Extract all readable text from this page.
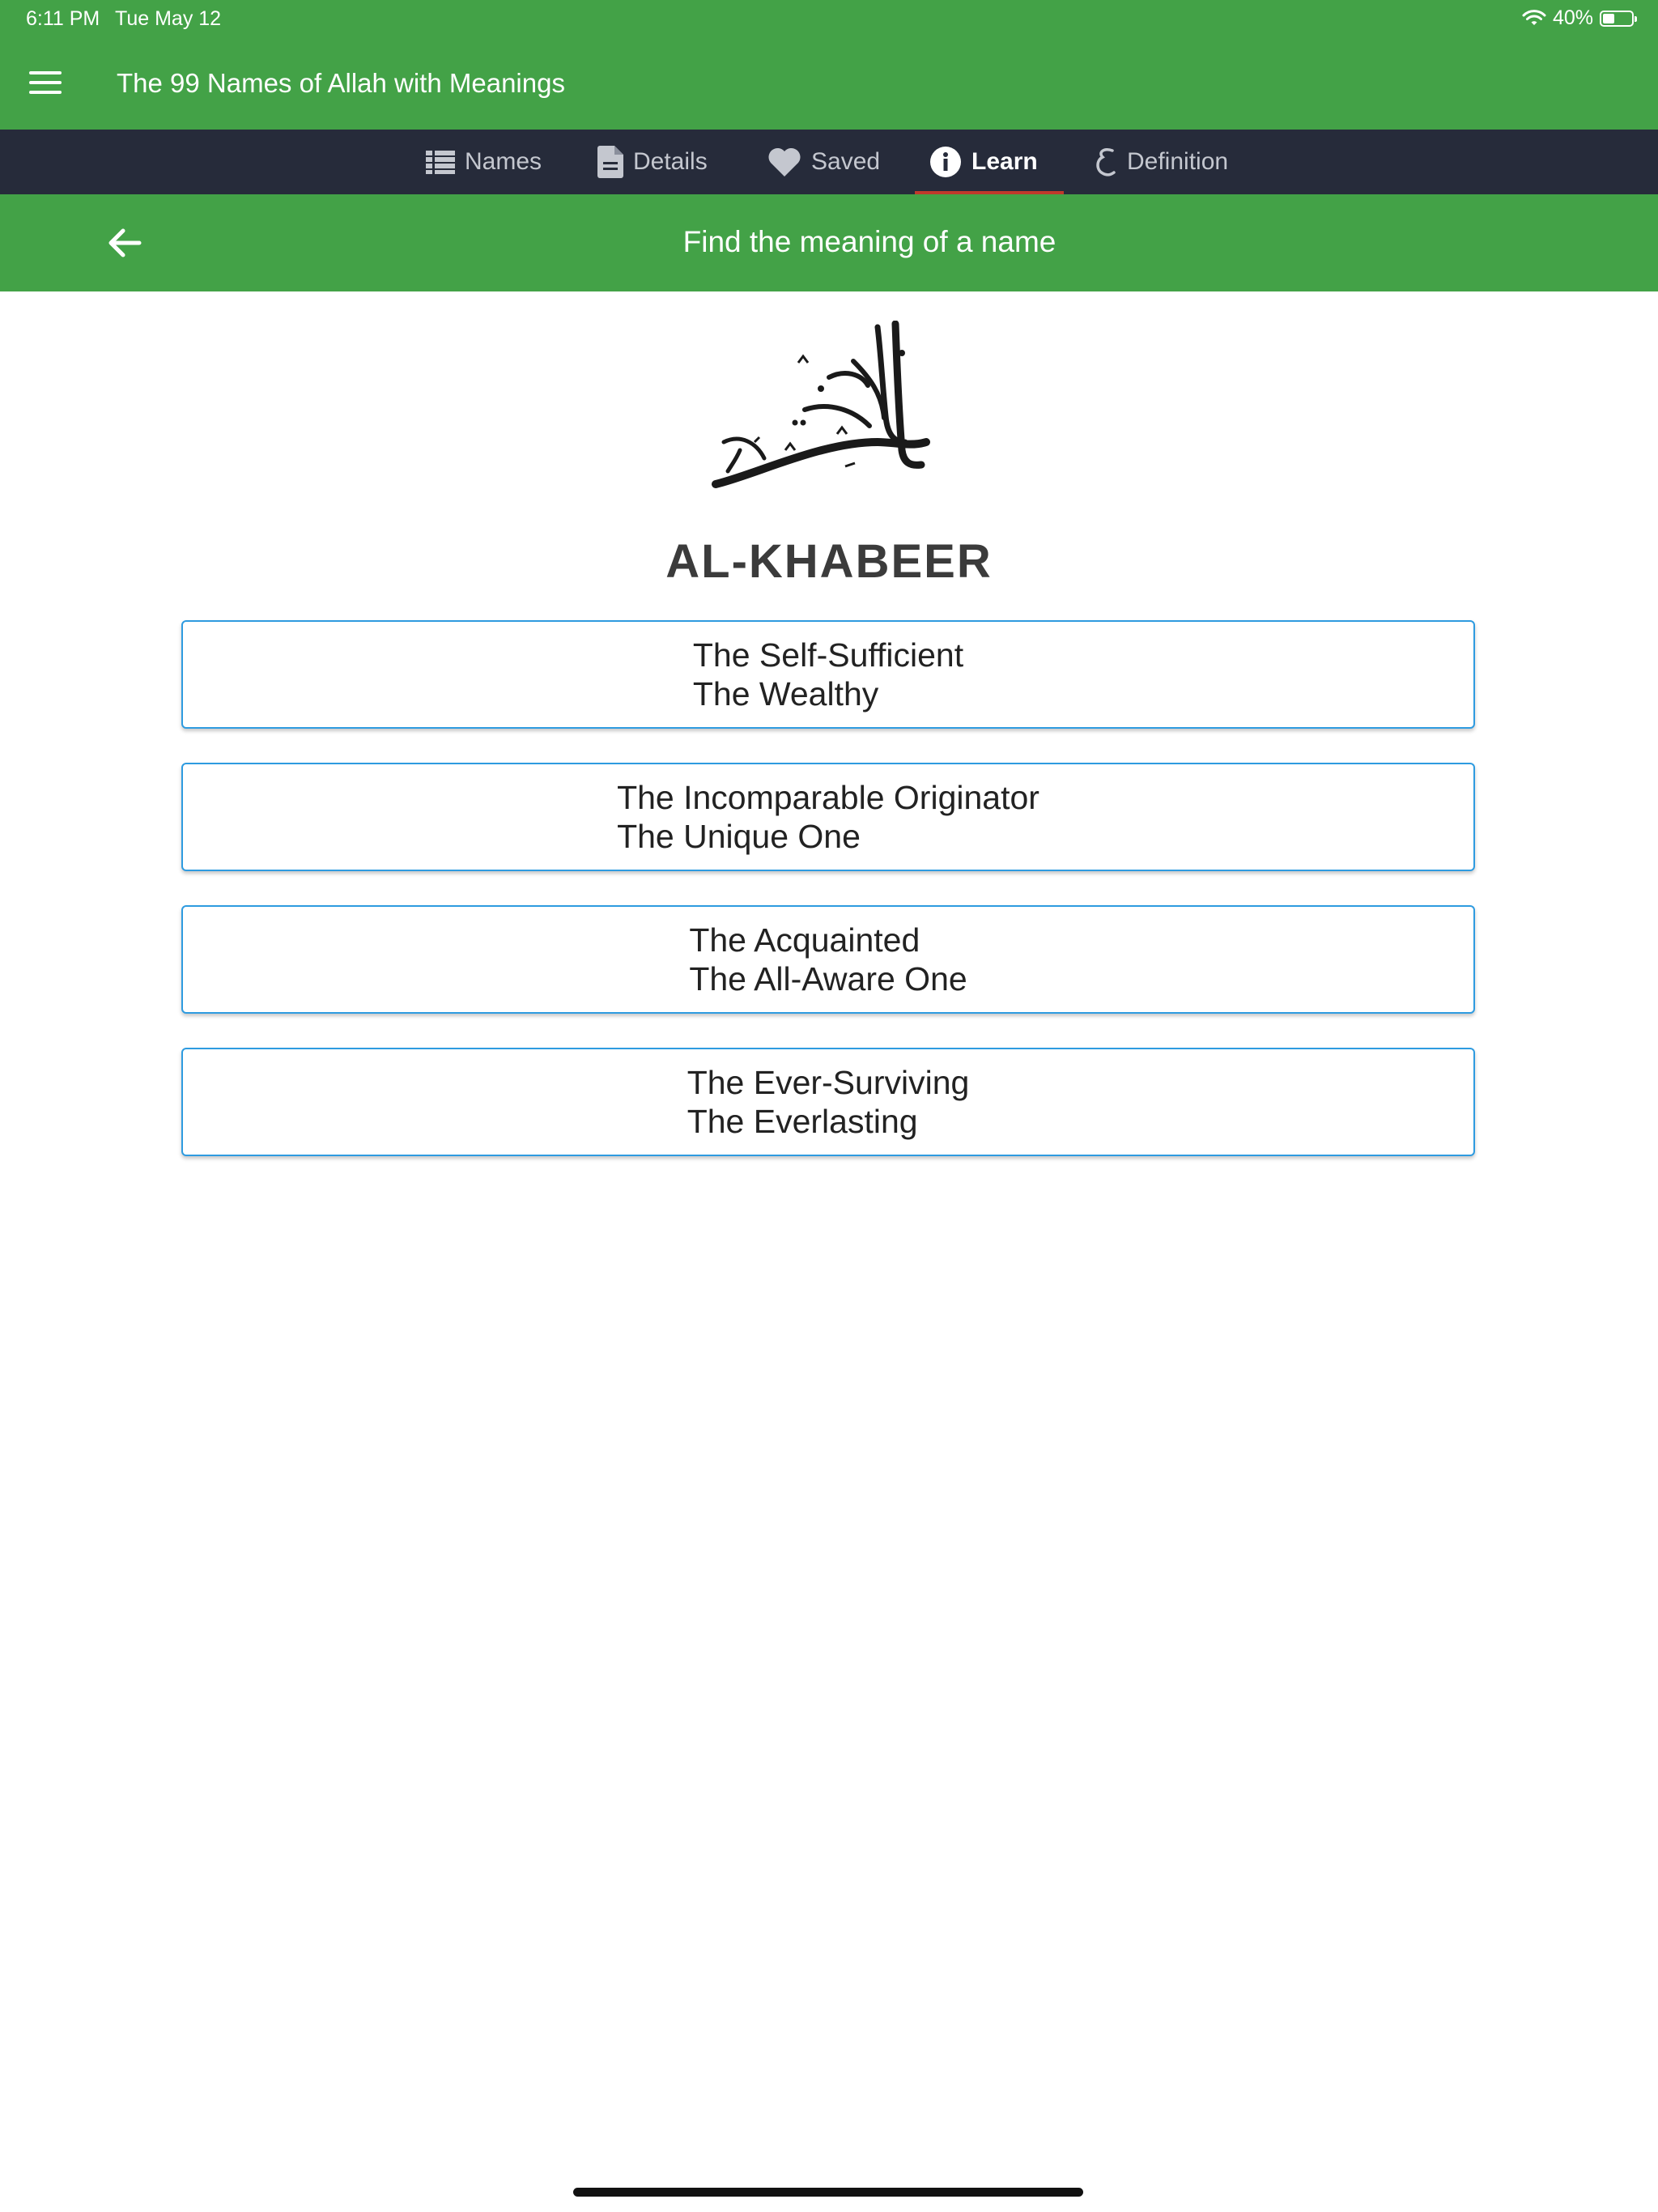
6:11 PM Tue May 12	40%
The 99 Names of Allah with Meanings
Names	Details	Saved	Learn	Definition
Find the meaning of a name
AL-KHABEER
The Self-Sufficient
The Wealthy
The Incomparable Originator
The Unique One
The Acquainted
The All-Aware One
The Ever-Surviving
The Everlasting
